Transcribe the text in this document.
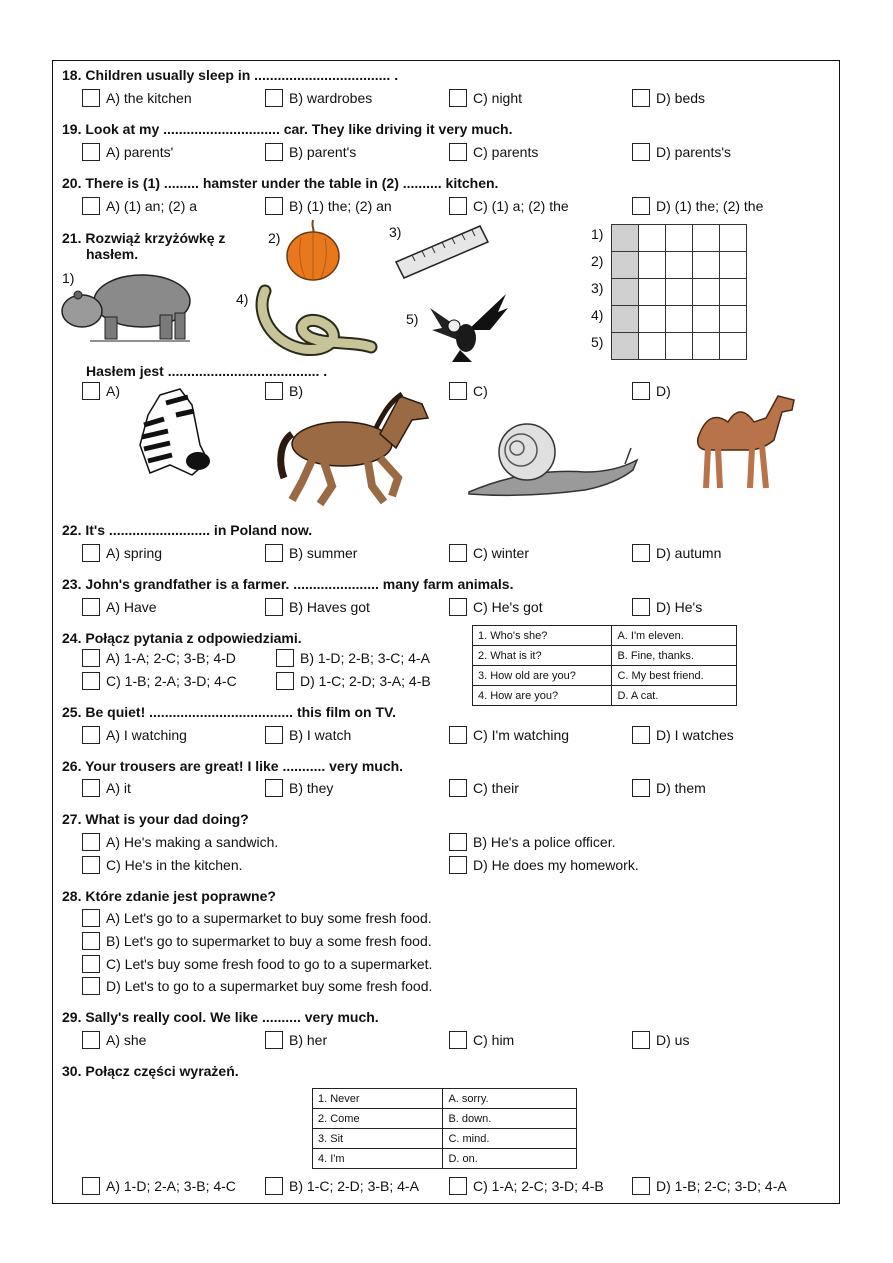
18. Children usually sleep in ................................... .
A) the kitchen	B) wardrobes	C) night	D) beds
19. Look at my .............................. car. They like driving it very much.
A) parents'	B) parent's	C) parents	D) parents's
20. There is (1) ......... hamster under the table in (2) .......... kitchen.
A) (1) an; (2) a	B) (1) the; (2) an	C) (1) a; (2) the	D) (1) the; (2) the
21. Rozwiąż krzyżówkę z
hasłem.
1)
2)	3)
4)
5)
1)
2)
3)
4)
5)

Hasłem jest ....................................... .
A)	B)	C)	D)
22. It's .......................... in Poland now.
A) spring	B) summer	C) winter	D) autumn
23. John's grandfather is a farmer. ...................... many farm animals.
A) Have	B) Haves got	C) He's got	D) He's
24. Połącz pytania z odpowiedziami.
A) 1-A; 2-C; 3-B; 4-D	B) 1-D; 2-B; 3-C; 4-A
C) 1-B; 2-A; 3-D; 4-C	D) 1-C; 2-D; 3-A; 4-B
1. Who's she?	A. I'm eleven.
2. What is it?	B. Fine, thanks.
3. How old are you?	C. My best friend.
4. How are you?	D. A cat.
25. Be quiet! ..................................... this film on TV.
A) I watching	B) I watch	C) I'm watching	D) I watches
26. Your trousers are great! I like ........... very much.
A) it	B) they	C) their	D) them
27. What is your dad doing?
A) He's making a sandwich.	B) He's a police officer.
C) He's in the kitchen.	D) He does my homework.
28. Które zdanie jest poprawne?
A) Let's go to a supermarket to buy some fresh food.
B) Let's go to supermarket to buy a some fresh food.
C) Let's buy some fresh food to go to a supermarket.
D) Let's to go to a supermarket buy some fresh food.
29. Sally's really cool. We like .......... very much.
A) she	B) her	C) him	D) us
30. Połącz części wyrażeń.
1. Never	A. sorry.
2. Come	B. down.
3. Sit	C. mind.
4. I'm	D. on.
A) 1-D; 2-A; 3-B; 4-C	B) 1-C; 2-D; 3-B; 4-A	C) 1-A; 2-C; 3-D; 4-B	D) 1-B; 2-C; 3-D; 4-A
